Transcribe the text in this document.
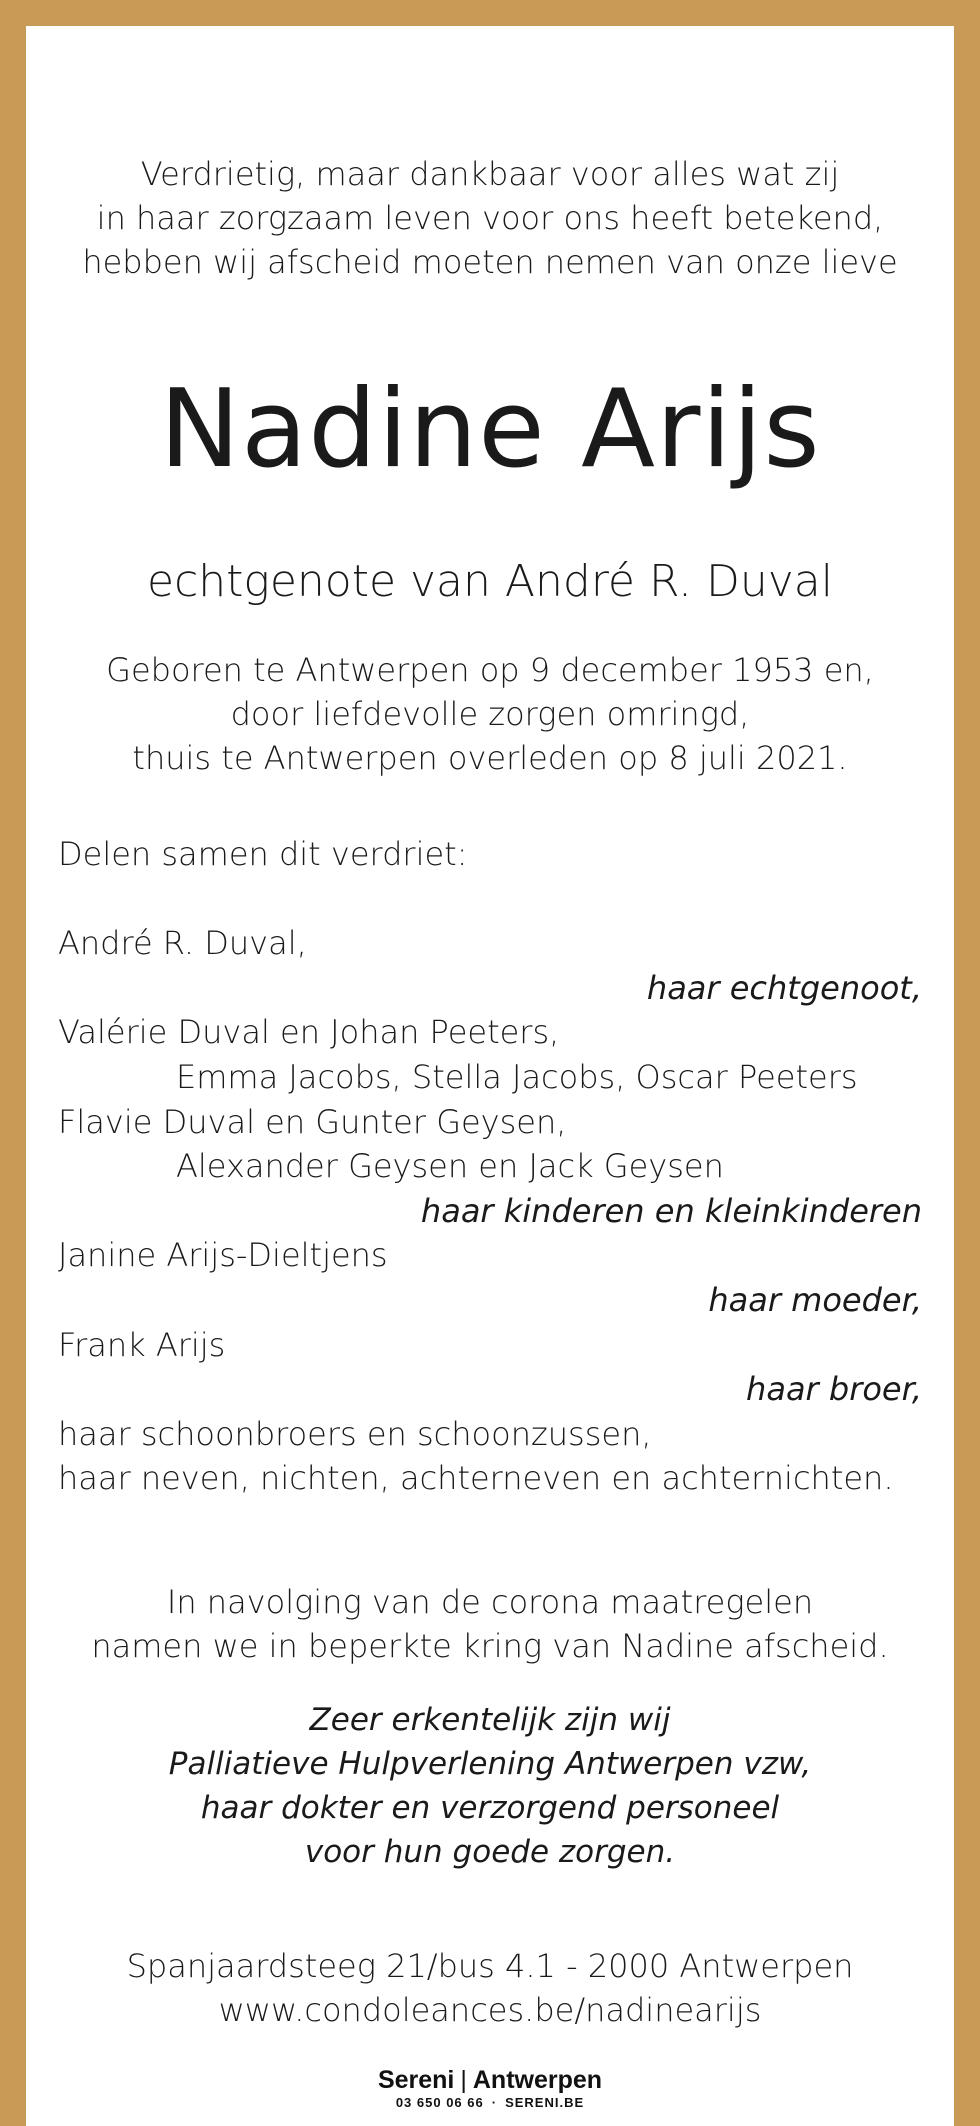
Verdrietig, maar dankbaar voor alles wat zij
in haar zorgzaam leven voor ons heeft betekend,
hebben wij afscheid moeten nemen van onze lieve
Nadine Arijs
echtgenote van André R. Duval
Geboren te Antwerpen op 9 december 1953 en,
door liefdevolle zorgen omringd,
thuis te Antwerpen overleden op 8 juli 2021.
Delen samen dit verdriet:
André R. Duval,
haar echtgenoot,
Valérie Duval en Johan Peeters,
Emma Jacobs, Stella Jacobs, Oscar Peeters
Flavie Duval en Gunter Geysen,
Alexander Geysen en Jack Geysen
haar kinderen en kleinkinderen
Janine Arijs-Dieltjens
haar moeder,
Frank Arijs
haar broer,
haar schoonbroers en schoonzussen,
haar neven, nichten, achterneven en achternichten.
In navolging van de corona maatregelen
namen we in beperkte kring van Nadine afscheid.
Zeer erkentelijk zijn wij
Palliatieve Hulpverlening Antwerpen vzw,
haar dokter en verzorgend personeel
voor hun goede zorgen.
Spanjaardsteeg 21/bus 4.1 - 2000 Antwerpen
www.condoleances.be/nadinearijs
Sereni | Antwerpen
03 650 06 66 · SERENI.BE
